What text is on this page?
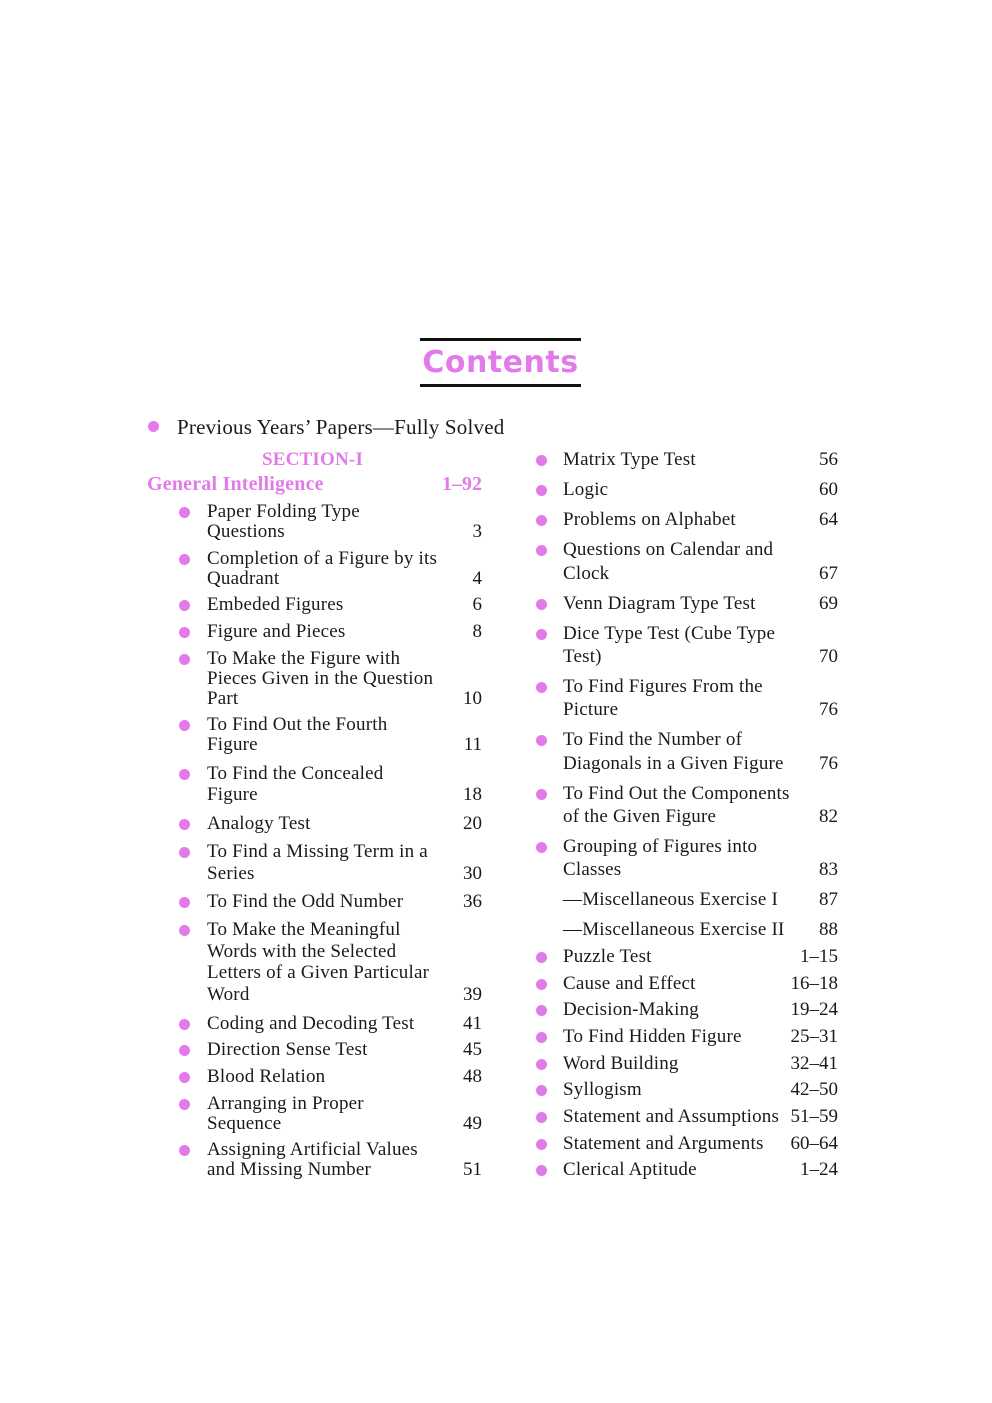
Contents
Previous Years’ Papers—Fully Solved
SECTION-I
General Intelligence	1–92
Paper Folding Type
Questions	3
Completion of a Figure by its
Quadrant	4
Embeded Figures	6
Figure and Pieces	8
To Make the Figure with
Pieces Given in the Question
Part	10
To Find Out the Fourth
Figure	11
To Find the Concealed
Figure	18
Analogy Test	20
To Find a Missing Term in a
Series	30
To Find the Odd Number	36
To Make the Meaningful
Words with the Selected
Letters of a Given Particular
Word	39
Coding and Decoding Test	41
Direction Sense Test	45
Blood Relation	48
Arranging in Proper
Sequence	49
Assigning Artificial Values
and Missing Number	51
Matrix Type Test	56
Logic	60
Problems on Alphabet	64
Questions on Calendar and
Clock	67
Venn Diagram Type Test	69
Dice Type Test (Cube Type
Test)	70
To Find Figures From the
Picture	76
To Find the Number of
Diagonals in a Given Figure	76
To Find Out the Components
of the Given Figure	82
Grouping of Figures into
Classes	83
—Miscellaneous Exercise I	87
—Miscellaneous Exercise II	88
Puzzle Test	1–15
Cause and Effect	16–18
Decision-Making	19–24
To Find Hidden Figure	25–31
Word Building	32–41
Syllogism	42–50
Statement and Assumptions 51–59
Statement and Arguments	60–64
Clerical Aptitude	1–24
